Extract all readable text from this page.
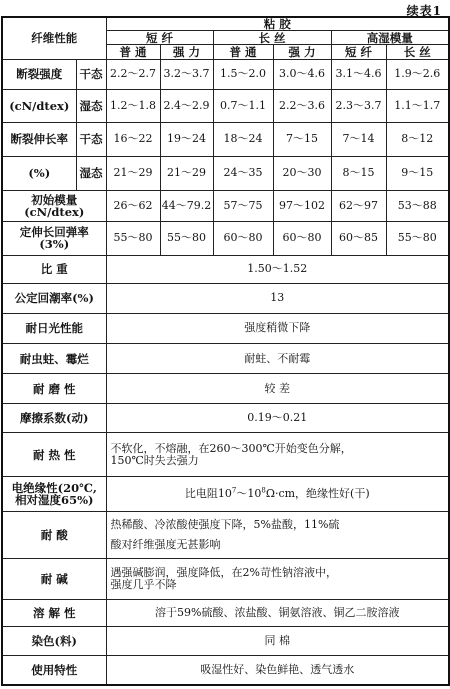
续表1
纤维性能		粘 胶					
		短 纤		长 丝		高湿模量	
		普 通	强 力	普 通	强 力	短 纤	长 丝
断裂强度	干态	2.2～2.7	3.2～3.7	1.5～2.0	3.0～4.6	3.1～4.6	1.9～2.6
(cN/dtex)	湿态	1.2～1.8	2.4～2.9	0.7～1.1	2.2～3.6	2.3～3.7	1.1～1.7
断裂伸长率	干态	16～22	19～24	18～24	7～15	7～14	8～12
(%)	湿态	21～29	21～29	24～35	20～30	8～15	9～15

初始模量
(cN/dtex)		26～62	44～79.2	57～75	97～102	62～97	53～88

定伸长回弹率
(3%)		55～80	55～80	60～80	60～80	60～85	55～80
比 重		1.50～1.52					
公定回潮率(%)		13					
耐日光性能		强度稍微下降					
耐虫蛀、霉烂		耐蛀、不耐霉					
耐 磨 性		较 差					
摩擦系数(动)		0.19～0.21					
耐 热 性		不软化，不熔融，在260～300℃开始变色分解，
150℃时失去强力					

电绝缘性(20℃,
相对湿度65%)		比电阻$10^7\sim 10^8\Omega\cdot cm$，绝缘性好(干)					
耐 酸		热稀酸、冷浓酸使强度下降，5%盐酸，11%硫
酸对纤维强度无甚影响					

耐 碱		遇强碱膨润，强度降低，在2%苛性钠溶液中，
强度几乎不降					

溶 解 性		溶于59%硫酸、浓盐酸、铜氨溶液、铜乙二胺溶液					
染色(料)		同 棉					
使用特性		吸湿性好、染色鲜艳、透气透水					
